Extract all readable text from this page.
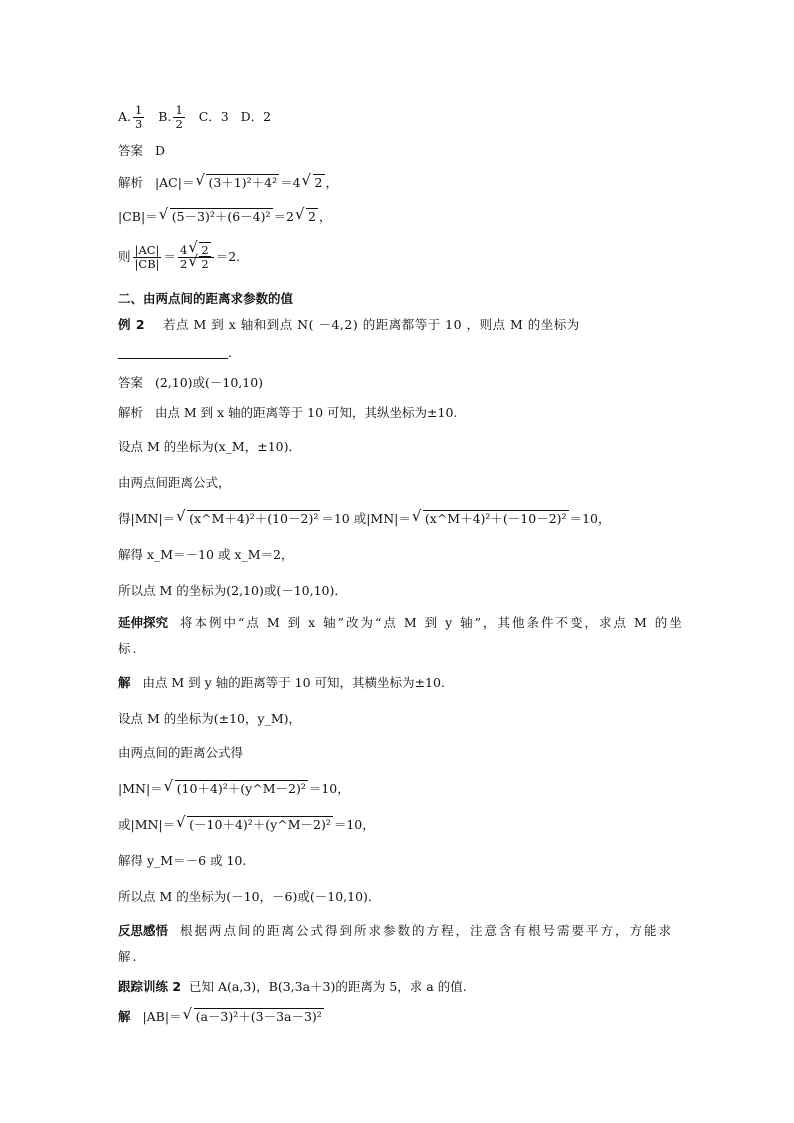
A. $\frac{1}{3} B$. $\frac{1}{2}$ C．3 D．2
答案 D
解析 |AC|＝ √ (3＋1)²＋4² ＝4 √ 2 ，
|CB|＝ √ (5－3)²＋(6－4)² ＝2 √ 2 ，
则 $\frac{|AC|}{|CB|} = \frac{4 √ 2}{2 √ 2} =2$.
二、由两点间的距离求参数的值
例 2 若点 M 到 x 轴和到点 N( －4,2) 的距离都等于 10 ，则点 M 的坐标为
．
答案 (2,10)或(－10,10)
解析 由点 M 到 x 轴的距离等于 10 可知，其纵坐标为±10.
设点 M 的坐标为(x_M，±10)．
由两点间距离公式，
得|MN|＝ √ (x^M＋4)²＋(10－2)² ＝10 或|MN|＝ √ (x^M＋4)²＋(－10－2)² ＝10，
解得 x_M＝－10 或 x_M＝2，
所以点 M 的坐标为(2,10)或(－10,10)．
延伸探究 将本例中“点 M 到 x 轴”改为“点 M 到 y 轴”，其他条件不变，求点 M 的坐
标.
解 由点 M 到 y 轴的距离等于 10 可知，其横坐标为±10.
设点 M 的坐标为(±10，y_M)，
由两点间的距离公式得
|MN|＝ √ (10＋4)²＋(y^M－2)² ＝10，
或|MN|＝ √ (－10＋4)²＋(y^M－2)² ＝10，
解得 y_M＝－6 或 10.
所以点 M 的坐标为(－10，－6)或(－10,10)．
反思感悟 根据两点间的距离公式得到所求参数的方程，注意含有根号需要平方，方能求
解.
跟踪训练 2 已知 A(a,3)，B(3,3a＋3)的距离为 5，求 a 的值.
解 |AB|＝ √ (a－3)²＋(3－3a－3)²
